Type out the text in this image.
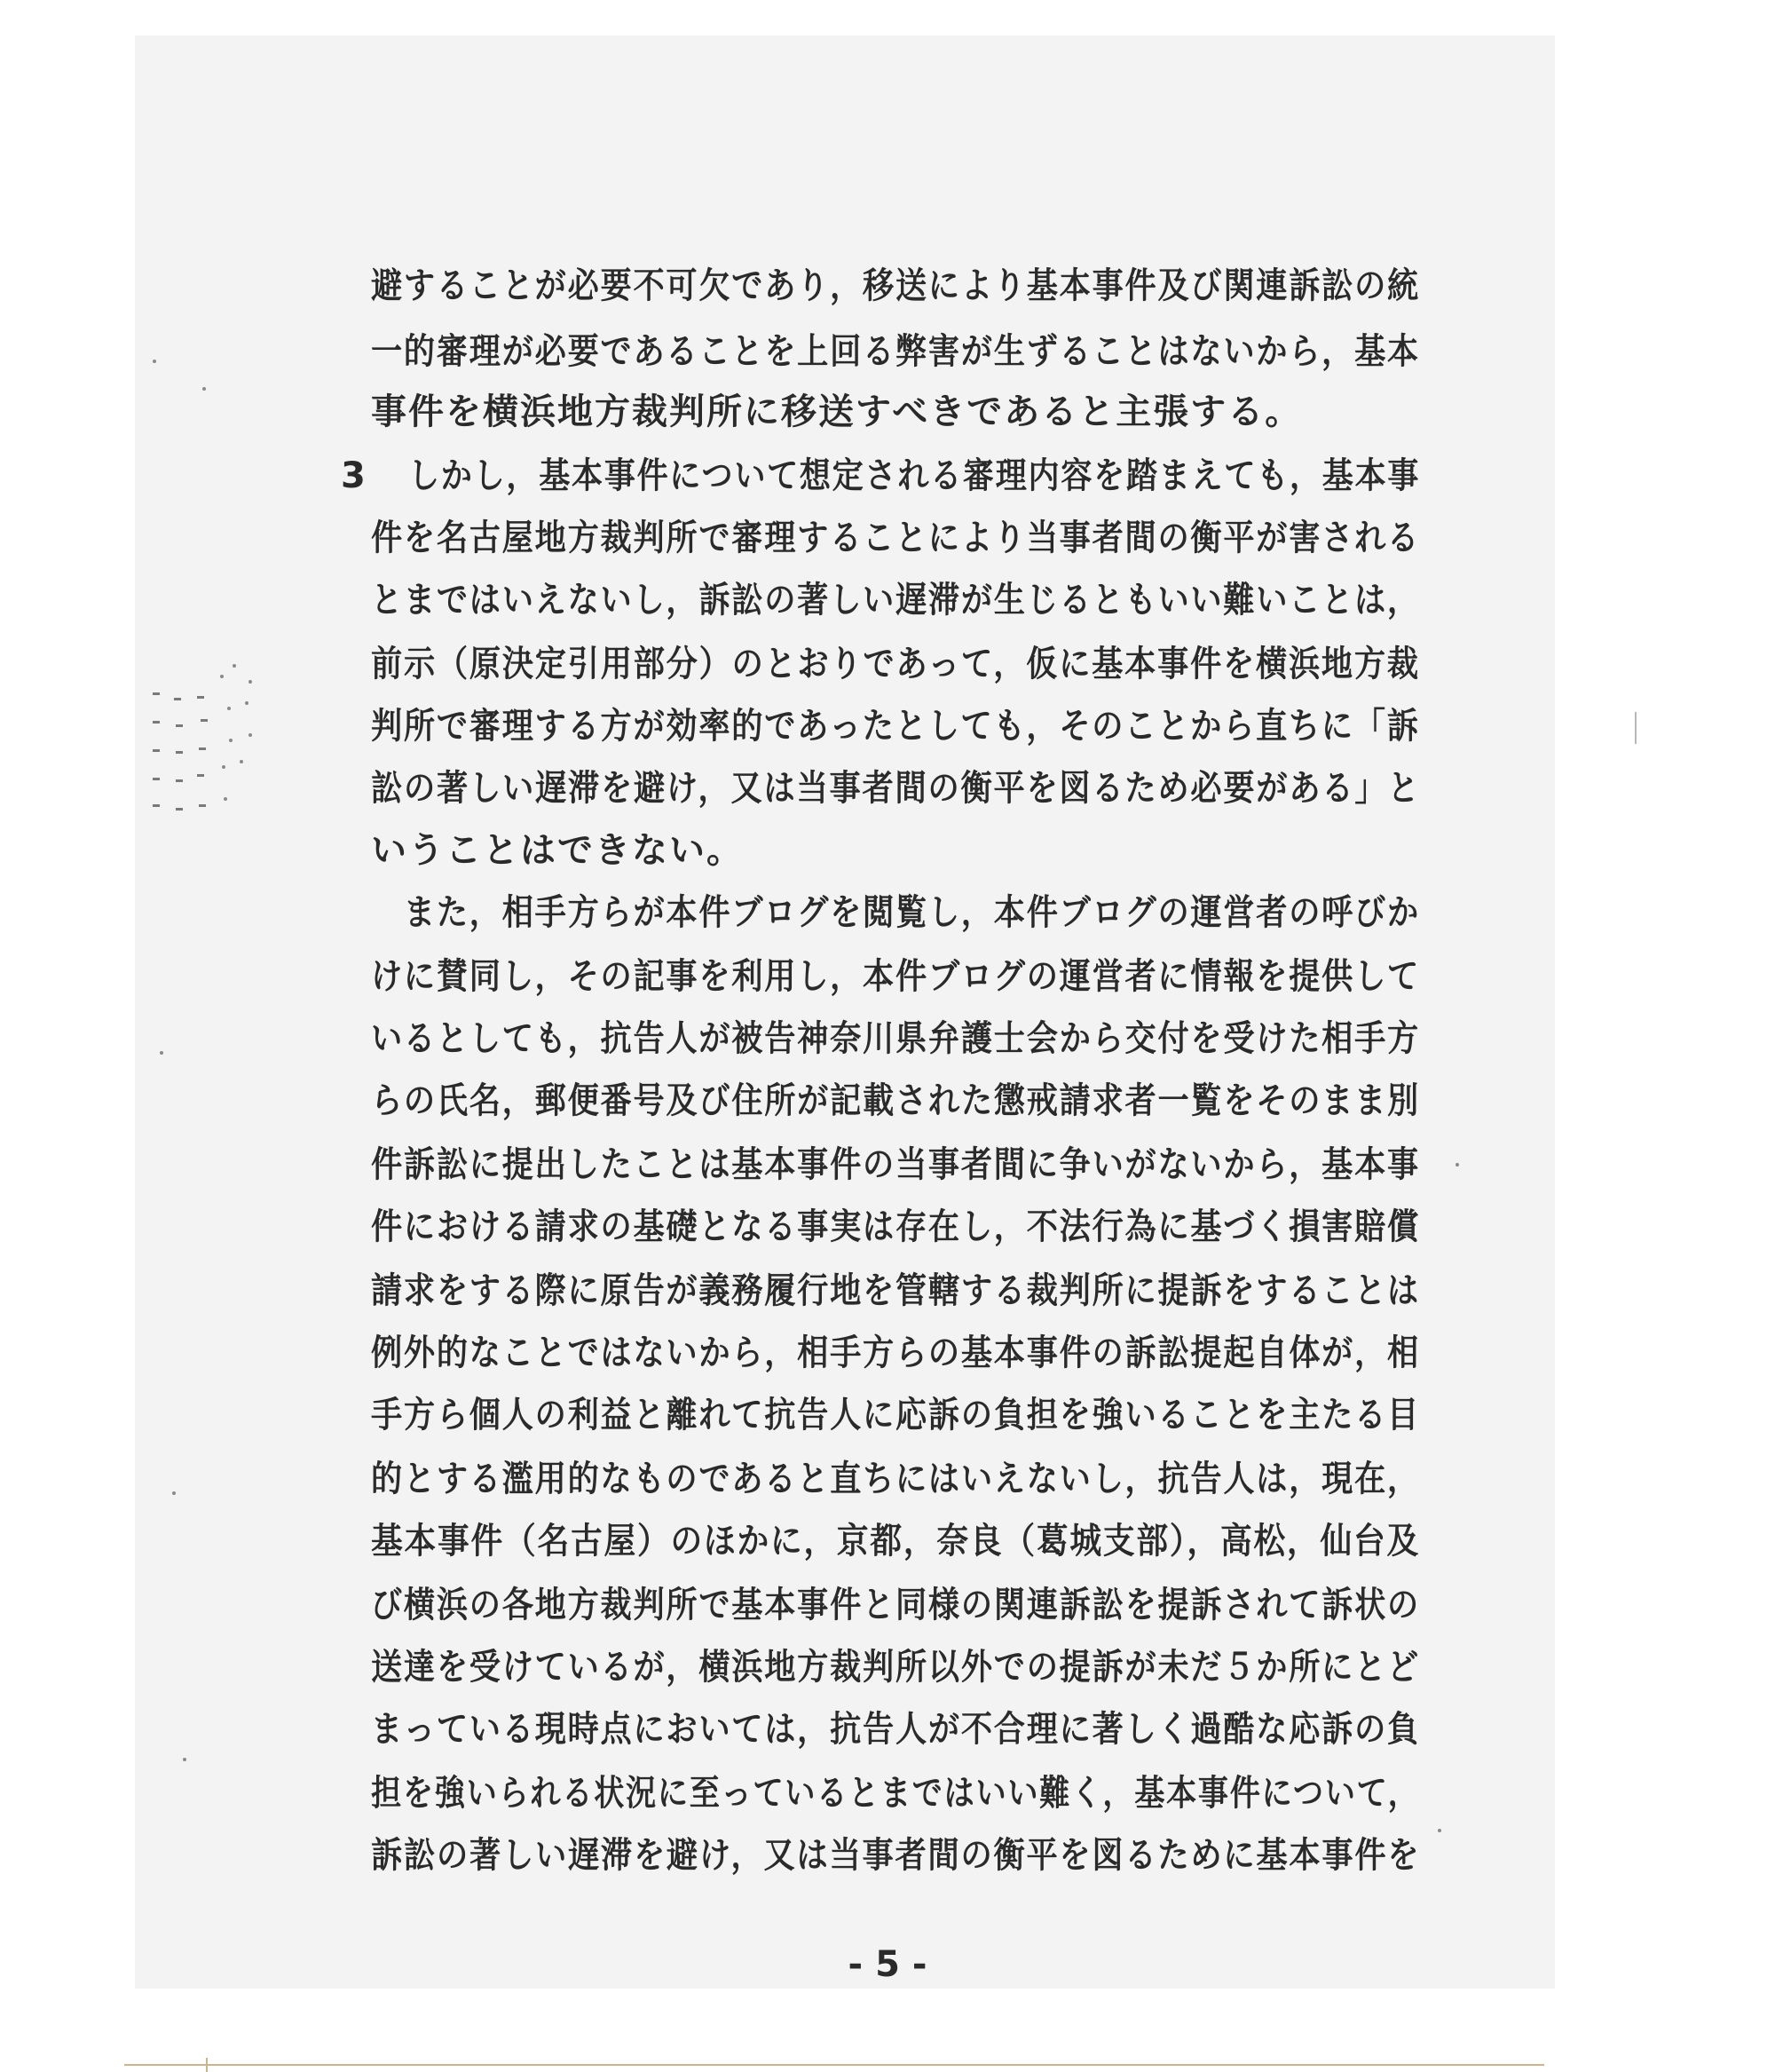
避することが必要不可欠であり，移送により基本事件及び関連訴訟の統
一的審理が必要であることを上回る弊害が生ずることはないから，基本
事件を横浜地方裁判所に移送すべきであると主張する。
3 しかし，基本事件について想定される審理内容を踏まえても，基本事
件を名古屋地方裁判所で審理することにより当事者間の衡平が害される
とまではいえないし，訴訟の著しい遅滞が生じるともいい難いことは，
前示（原決定引用部分）のとおりであって，仮に基本事件を横浜地方裁
判所で審理する方が効率的であったとしても，そのことから直ちに「訴
訟の著しい遅滞を避け，又は当事者間の衡平を図るため必要がある」と
いうことはできない。
　また，相手方らが本件ブログを閲覧し，本件ブログの運営者の呼びか
けに賛同し，その記事を利用し，本件ブログの運営者に情報を提供して
いるとしても，抗告人が被告神奈川県弁護士会から交付を受けた相手方
らの氏名，郵便番号及び住所が記載された懲戒請求者一覧をそのまま別
件訴訟に提出したことは基本事件の当事者間に争いがないから，基本事
件における請求の基礎となる事実は存在し，不法行為に基づく損害賠償
請求をする際に原告が義務履行地を管轄する裁判所に提訴をすることは
例外的なことではないから，相手方らの基本事件の訴訟提起自体が，相
手方ら個人の利益と離れて抗告人に応訴の負担を強いることを主たる目
的とする濫用的なものであると直ちにはいえないし，抗告人は，現在，
基本事件（名古屋）のほかに，京都，奈良（葛城支部），高松，仙台及
び横浜の各地方裁判所で基本事件と同様の関連訴訟を提訴されて訴状の
送達を受けているが，横浜地方裁判所以外での提訴が未だ５か所にとど
まっている現時点においては，抗告人が不合理に著しく過酷な応訴の負
担を強いられる状況に至っているとまではいい難く，基本事件について，
訴訟の著しい遅滞を避け，又は当事者間の衡平を図るために基本事件を
- 5 -
